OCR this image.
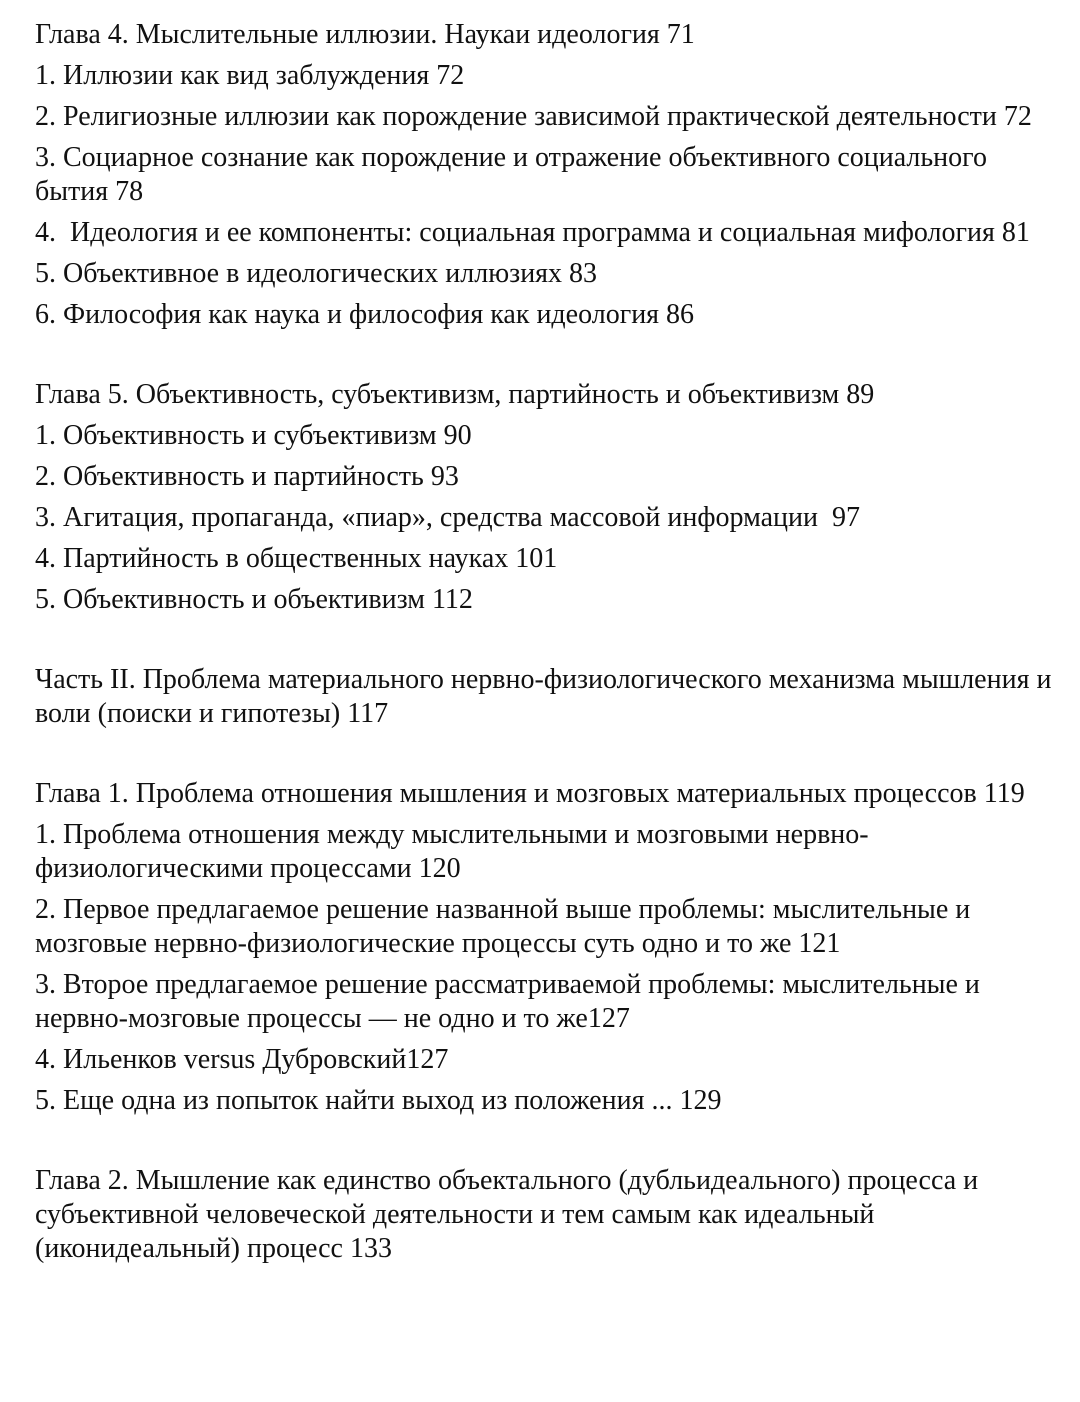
Глава 4. Мыслительные иллюзии. Наукаи идеология 71

1. Иллюзии как вид заблуждения 72

2. Религиозные иллюзии как порождение зависимой практической деятельности 72

3. Социарное сознание как порождение и отражение объективного социального бытия 78

4.  Идеология и ее компоненты: социальная программа и социальная мифология 81

5. Объективное в идеологических иллюзиях 83

6. Философия как наука и философия как идеология 86

Глава 5. Объективность, субъективизм, партийность и объективизм 89

1. Объективность и субъективизм 90

2. Объективность и партийность 93

3. Агитация, пропаганда, «пиар», средства массовой информации  97

4. Партийность в общественных науках 101

5. Объективность и объективизм 112

Часть II. Проблема материального нервно-физиологического механизма мышления и воли (поиски и гипотезы) 117

Глава 1. Проблема отношения мышления и мозговых материальных процессов 119

1. Проблема отношения между мыслительными и мозговыми нервно-физиологическими процессами 120

2. Первое предлагаемое решение названной выше проблемы: мыслительные и мозговые нервно-физиологические процессы суть одно и то же 121

3. Второе предлагаемое решение рассматриваемой проблемы: мыслительные и нервно-мозговые процессы — не одно и то же127

4. Ильенков versus Дубровский127

5. Еще одна из попыток найти выход из положения ... 129

Глава 2. Мышление как единство объектального (дубльидеального) процесса и субъективной человеческой деятельности и тем самым как идеальный (иконидеальный) процесс 133
